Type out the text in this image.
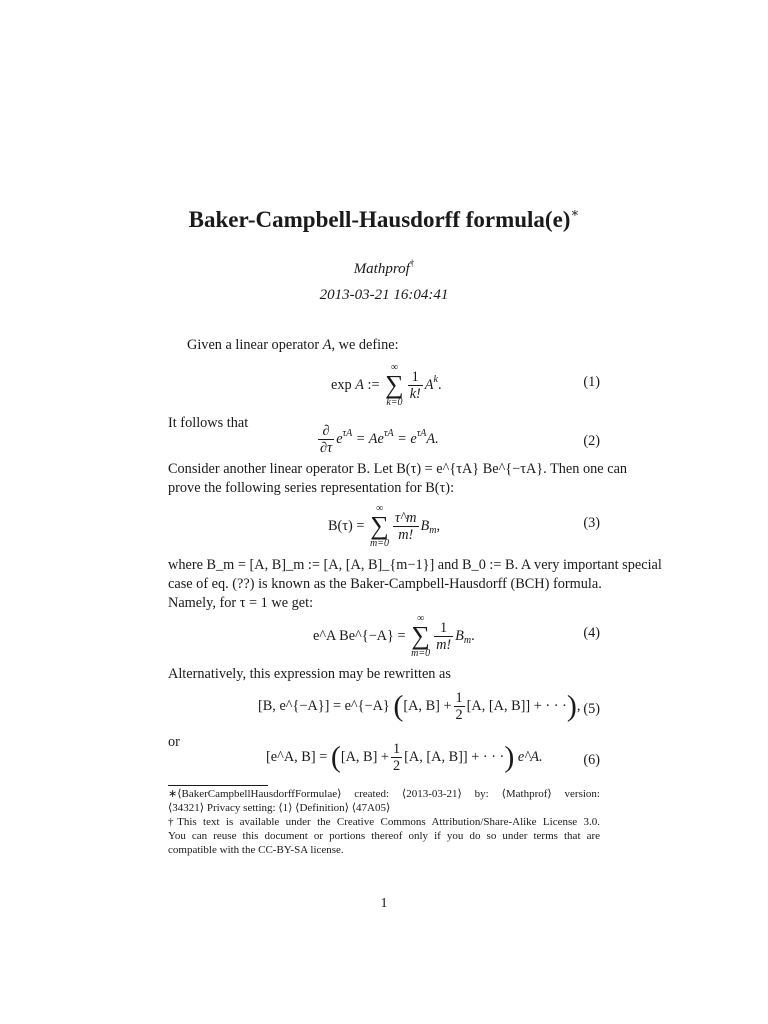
Baker-Campbell-Hausdorff formula(e)∗
Mathprof†
2013-03-21 16:04:41
Given a linear operator A, we define:
exp A :=
∞
∑
k=0
$\frac{1}{k!} A^k$.	(1)
It follows that	$\frac{\partial}{\partial\tau} e^{\tau A} = Ae^{\tau A} = e^{\tau A}A$.	(2)
Consider another linear operator B. Let B(τ) = e^{τA} Be^{−τA}. Then one can
prove the following series representation for B(τ):
B(τ) =
∞
∑
m=0
$\frac{\tau\^{}m}{m!} B_m$,	(3)
where B_m = [A, B]_m := [A, [A, B]_{m−1}] and B_0 := B. A very important special
case of eq. (??) is known as the Baker-Campbell-Hausdorff (BCH) formula.
Namely, for τ = 1 we get:
e^A Be^{−A} =
∞
∑
m=0
$\frac{1}{m!} B_m$.	(4)
Alternatively, this expression may be rewritten as
[B, e^{−A}] = e^{−A} ([A, $B] + \frac{1}{2} [A$, [A, B]] + · · ·), (5)
or
[e^A, B] = ([A, $B] + \frac{1}{2} [A$, [A, B]] + · · ·) e^A.	(6)
∗⟨BakerCampbellHausdorffFormulae⟩ created: ⟨2013-03-21⟩ by: ⟨Mathprof⟩ version:
⟨34321⟩ Privacy setting: ⟨1⟩ ⟨Definition⟩ ⟨47A05⟩
†This text is available under the Creative Commons Attribution/Share-Alike License 3.0.
You can reuse this document or portions thereof only if you do so under terms that are
compatible with the CC-BY-SA license.
1
